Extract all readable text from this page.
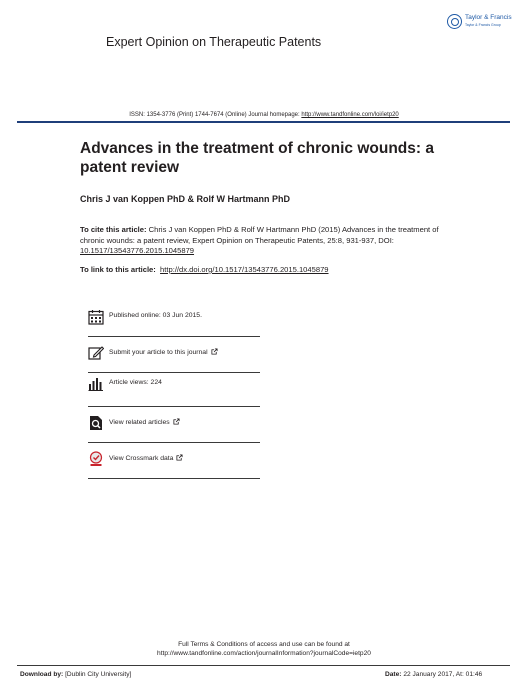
Taylor & Francis
Taylor & Francis Group
Expert Opinion on Therapeutic Patents
ISSN: 1354-3776 (Print) 1744-7674 (Online) Journal homepage: http://www.tandfonline.com/loi/ietp20
Advances in the treatment of chronic wounds: a patent review
Chris J van Koppen PhD & Rolf W Hartmann PhD
To cite this article: Chris J van Koppen PhD & Rolf W Hartmann PhD (2015) Advances in the treatment of chronic wounds: a patent review, Expert Opinion on Therapeutic Patents, 25:8, 931-937, DOI: 10.1517/13543776.2015.1045879
To link to this article: http://dx.doi.org/10.1517/13543776.2015.1045879
Published online: 03 Jun 2015.
Submit your article to this journal
Article views: 224
View related articles
View Crossmark data
Full Terms & Conditions of access and use can be found at
http://www.tandfonline.com/action/journalInformation?journalCode=ietp20
Download by: [Dublin City University]	Date: 22 January 2017, At: 01:46
